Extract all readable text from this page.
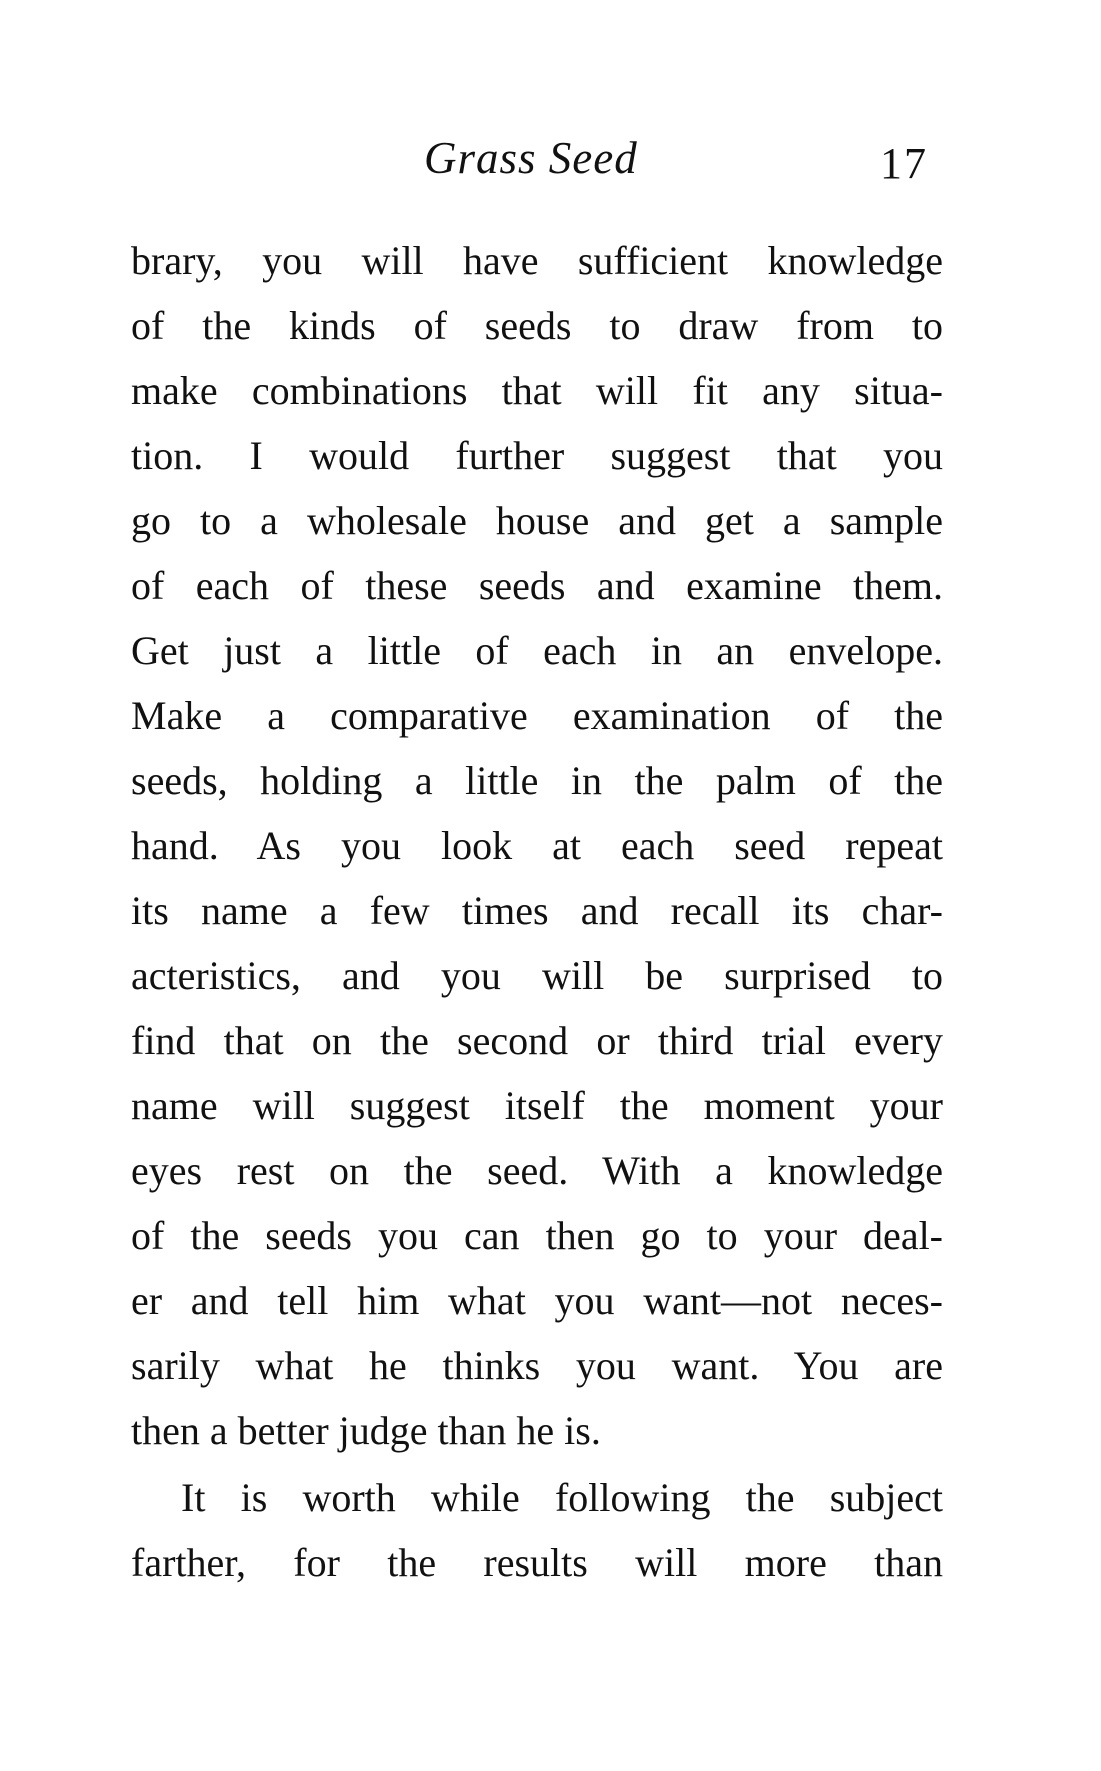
Grass Seed	17
brary, you will have sufficient knowledge
of the kinds of seeds to draw from to
make combinations that will fit any situa-
tion. I would further suggest that you
go to a wholesale house and get a sample
of each of these seeds and examine them.
Get just a little of each in an envelope.
Make a comparative examination of the
seeds, holding a little in the palm of the
hand. As you look at each seed repeat
its name a few times and recall its char-
acteristics, and you will be surprised to
find that on the second or third trial every
name will suggest itself the moment your
eyes rest on the seed. With a knowledge
of the seeds you can then go to your deal-
er and tell him what you want—not neces-
sarily what he thinks you want. You are
then a better judge than he is.
It is worth while following the subject
farther, for the results will more than
